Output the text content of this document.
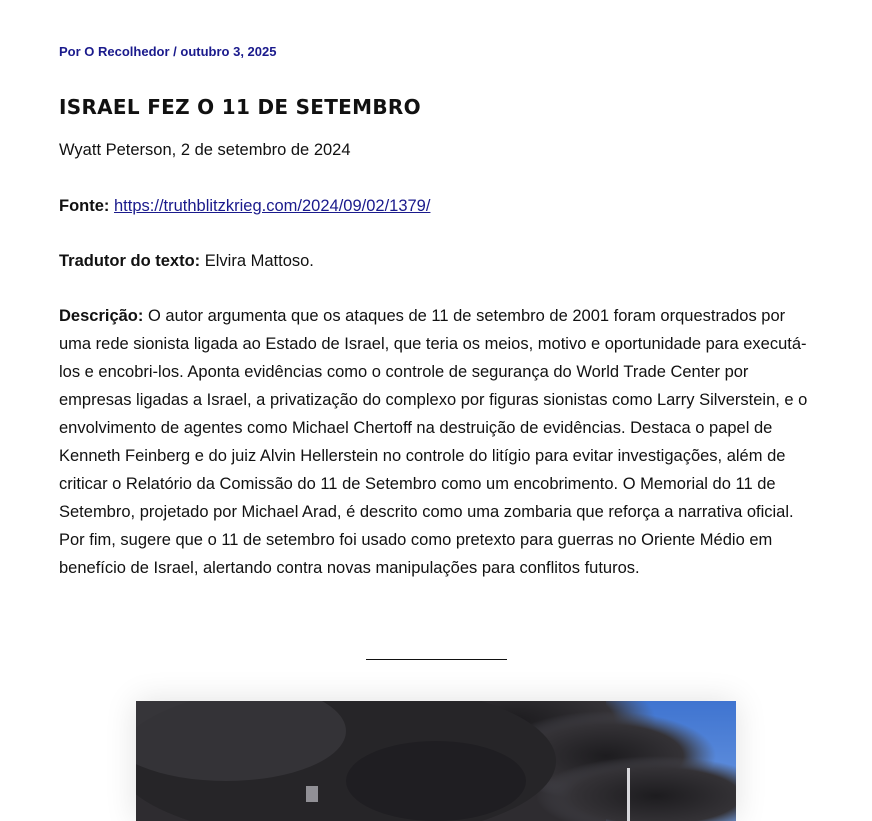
Por O Recolhedor / outubro 3, 2025
ISRAEL FEZ O 11 DE SETEMBRO

Wyatt Peterson, 2 de setembro de 2024

Fonte: https://truthblitzkrieg.com/2024/09/02/1379/

Tradutor do texto: Elvira Mattoso.

Descrição: O autor argumenta que os ataques de 11 de setembro de 2001 foram orquestrados por uma rede sionista ligada ao Estado de Israel, que teria os meios, motivo e oportunidade para executá-los e encobri-los. Aponta evidências como o controle de segurança do World Trade Center por empresas ligadas a Israel, a privatização do complexo por figuras sionistas como Larry Silverstein, e o envolvimento de agentes como Michael Chertoff na destruição de evidências. Destaca o papel de Kenneth Feinberg e do juiz Alvin Hellerstein no controle do litígio para evitar investigações, além de criticar o Relatório da Comissão do 11 de Setembro como um encobrimento. O Memorial do 11 de Setembro, projetado por Michael Arad, é descrito como uma zombaria que reforça a narrativa oficial. Por fim, sugere que o 11 de setembro foi usado como pretexto para guerras no Oriente Médio em benefício de Israel, alertando contra novas manipulações para conflitos futuros.
